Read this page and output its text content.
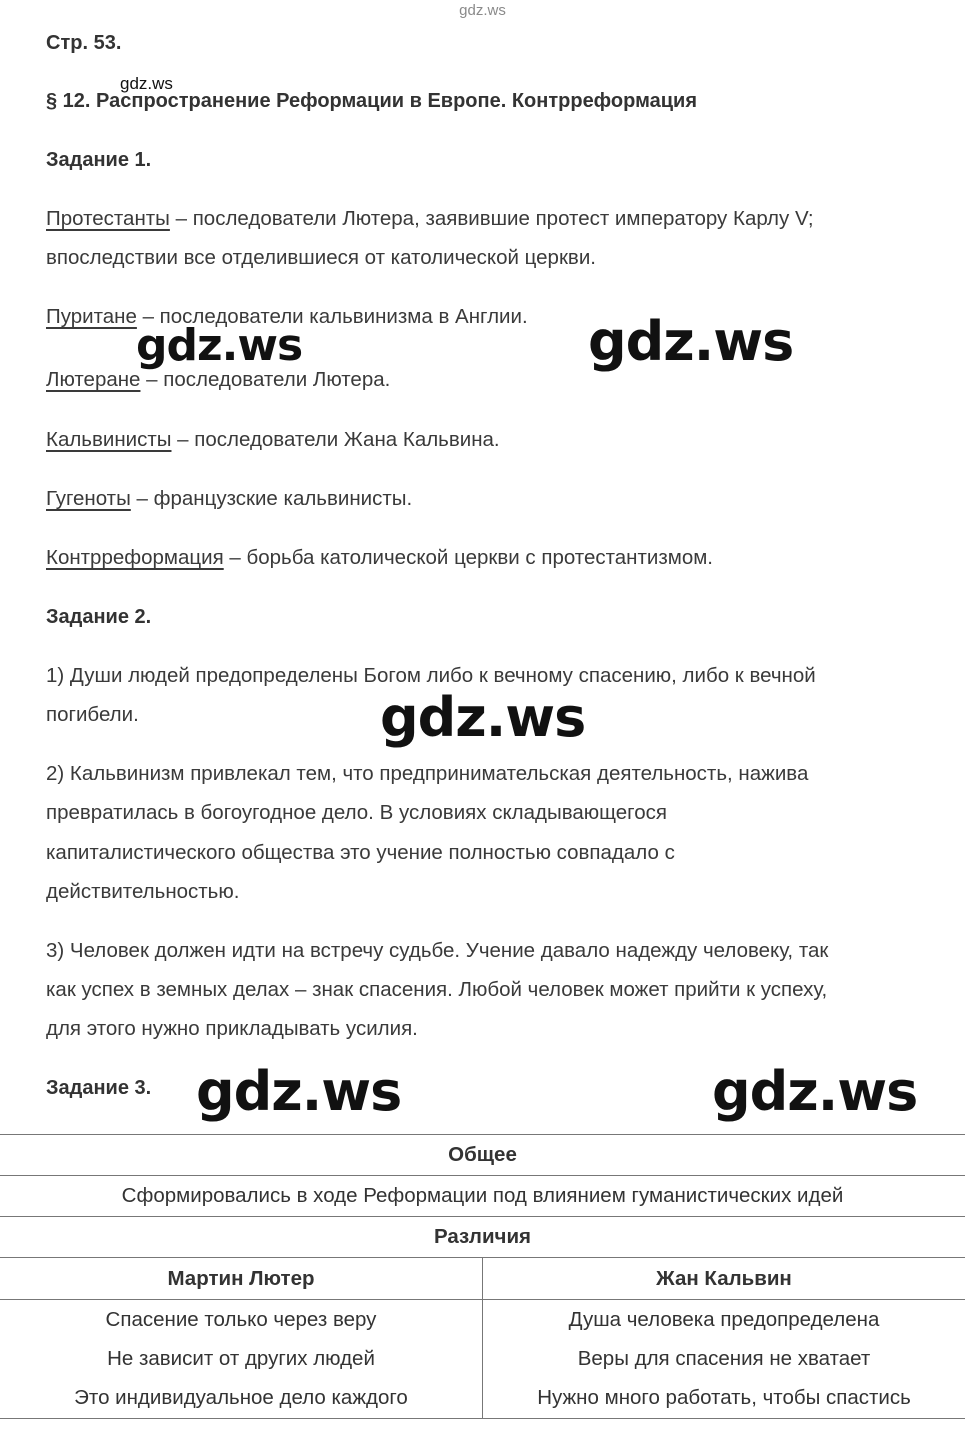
gdz.ws
gdz.ws
gdz.ws	gdz.ws
gdz.ws
gdz.ws	gdz.ws
Стр. 53.
§ 12. Распространение Реформации в Европе. Контрреформация
Задание 1.
Протестанты – последователи Лютера, заявившие протест императору Карлу V;
впоследствии все отделившиеся от католической церкви.
Пуритане – последователи кальвинизма в Англии.
Лютеране – последователи Лютера.
Кальвинисты – последователи Жана Кальвина.
Гугеноты – французские кальвинисты.
Контрреформация – борьба католической церкви с протестантизмом.
Задание 2.
1) Души людей предопределены Богом либо к вечному спасению, либо к вечной
погибели.
2) Кальвинизм привлекал тем, что предпринимательская деятельность, нажива
превратилась в богоугодное дело. В условиях складывающегося
капиталистического общества это учение полностью совпадало с
действительностью.
3) Человек должен идти на встречу судьбе. Учение давало надежду человеку, так
как успех в земных делах – знак спасения. Любой человек может прийти к успеху,
для этого нужно прикладывать усилия.
Задание 3.
Общее	
Сформировались в ходе Реформации под влиянием гуманистических идей	
Различия	
Мартин Лютер	Жан Кальвин
Спасение только через веру	Душа человека предопределена
Не зависит от других людей	Веры для спасения не хватает
Это индивидуальное дело каждого	Нужно много работать, чтобы спастись
